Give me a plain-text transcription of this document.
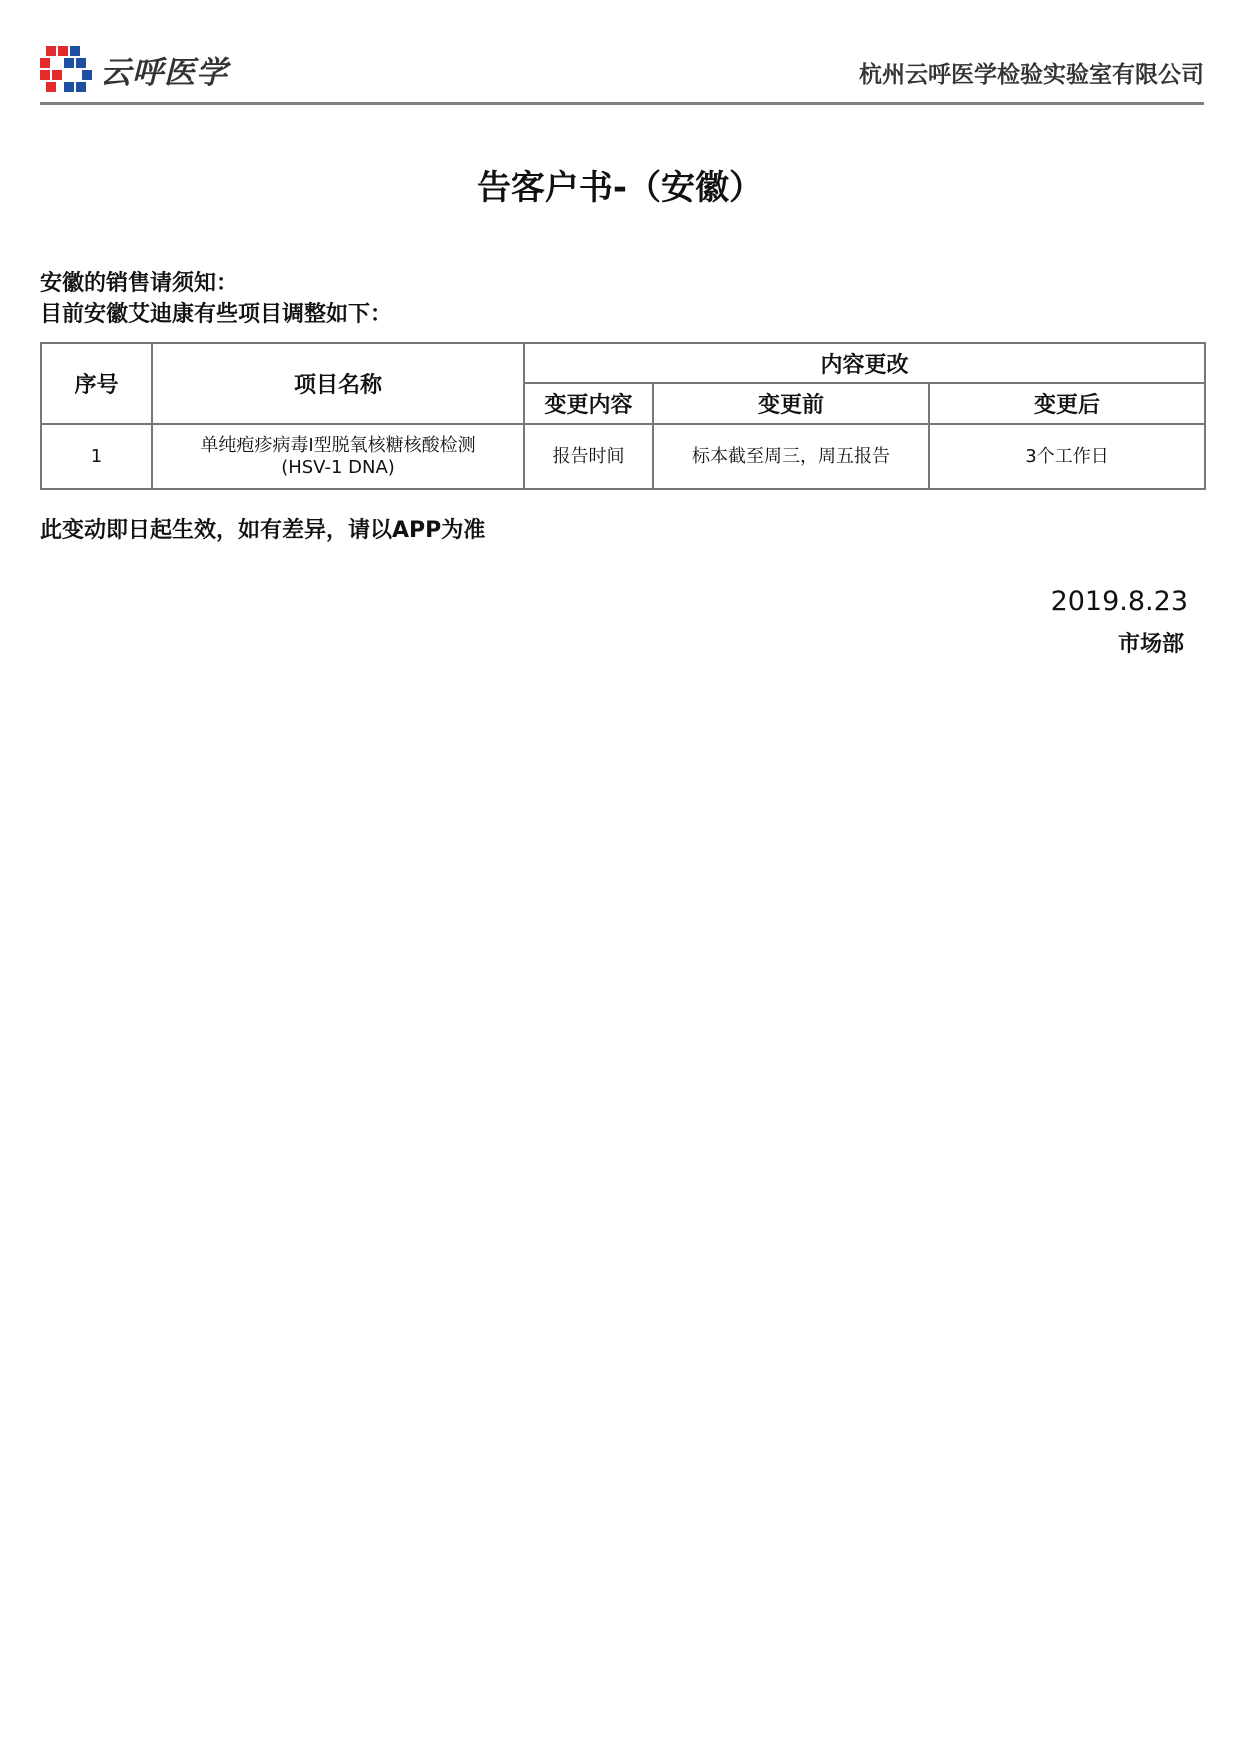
云呼医学	杭州云呼医学检验实验室有限公司
告客户书-（安徽）
安徽的销售请须知：
目前安徽艾迪康有些项目调整如下：
序号	项目名称	内容更改		
		变更内容	变更前	变更后
1	单纯疱疹病毒Ⅰ型脱氧核糖核酸检测
(HSV-1 DNA)	报告时间	标本截至周三，周五报告	3个工作日
此变动即日起生效，如有差异，请以APP为准
2019.8.23
市场部
